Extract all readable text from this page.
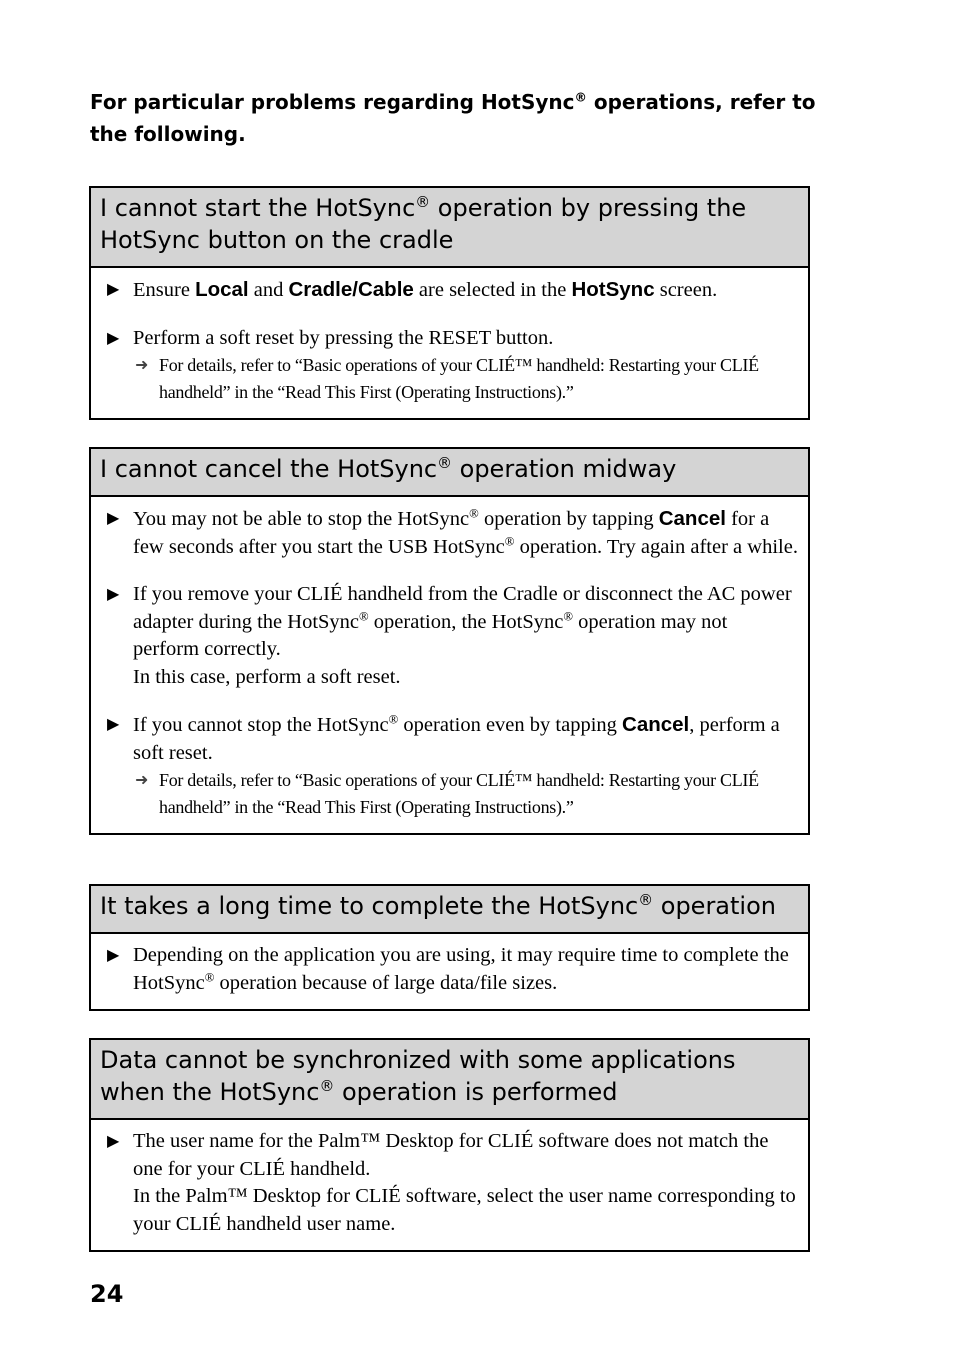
For particular problems regarding HotSync® operations, refer to the following.

I cannot start the HotSync® operation by pressing the HotSync button on the cradle
▶ Ensure Local and Cradle/Cable are selected in the HotSync screen.
▶ Perform a soft reset by pressing the RESET button.
➜ For details, refer to “Basic operations of your CLIÉ™ handheld: Restarting your CLIÉ handheld” in the “Read This First (Operating Instructions).”
I cannot cancel the HotSync® operation midway
▶ You may not be able to stop the HotSync® operation by tapping Cancel for a few seconds after you start the USB HotSync® operation. Try again after a while.
▶ If you remove your CLIÉ handheld from the Cradle or disconnect the AC power adapter during the HotSync® operation, the HotSync® operation may not perform correctly.
In this case, perform a soft reset.
▶ If you cannot stop the HotSync® operation even by tapping Cancel, perform a soft reset.
➜ For details, refer to “Basic operations of your CLIÉ™ handheld: Restarting your CLIÉ handheld” in the “Read This First (Operating Instructions).”
It takes a long time to complete the HotSync® operation
▶ Depending on the application you are using, it may require time to complete the HotSync® operation because of large data/file sizes.
Data cannot be synchronized with some applications when the HotSync® operation is performed
▶ The user name for the Palm™ Desktop for CLIÉ software does not match the one for your CLIÉ handheld.
In the Palm™ Desktop for CLIÉ software, select the user name corresponding to your CLIÉ handheld user name.

24
